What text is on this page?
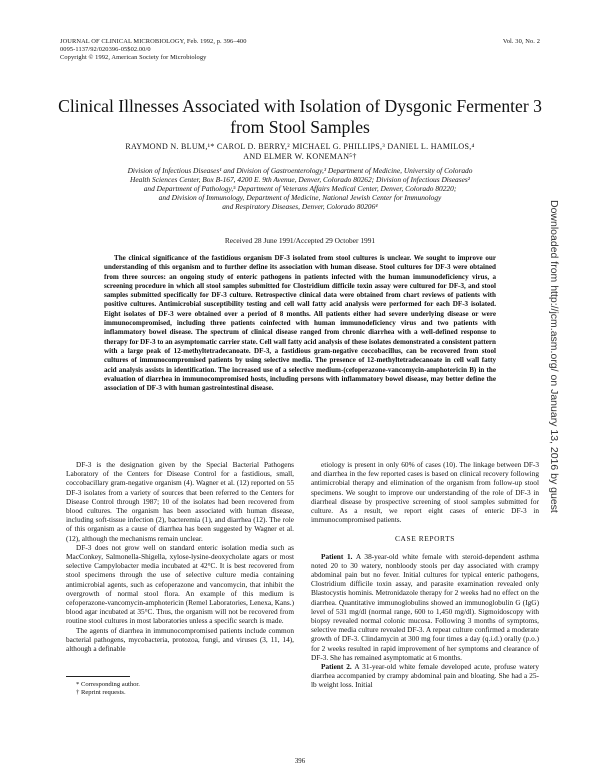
JOURNAL OF CLINICAL MICROBIOLOGY, Feb. 1992, p. 396–400	Vol. 30, No. 2
0095-1137/92/020396-05$02.00/0
Copyright © 1992, American Society for Microbiology
Clinical Illnesses Associated with Isolation of Dysgonic Fermenter 3 from Stool Samples
RAYMOND N. BLUM,¹* CAROL D. BERRY,² MICHAEL G. PHILLIPS,³ DANIEL L. HAMILOS,⁴
AND ELMER W. KONEMAN⁵†
Division of Infectious Diseases¹ and Division of Gastroenterology,³ Department of Medicine, University of Colorado
Health Sciences Center, Box B-167, 4200 E. 9th Avenue, Denver, Colorado 80262; Division of Infectious Diseases²
and Department of Pathology,⁵ Department of Veterans Affairs Medical Center, Denver, Colorado 80220;
and Division of Immunology, Department of Medicine, National Jewish Center for Immunology
and Respiratory Diseases, Denver, Colorado 80206⁴
Received 28 June 1991/Accepted 29 October 1991

The clinical significance of the fastidious organism DF-3 isolated from stool cultures is unclear. We sought to improve our understanding of this organism and to further define its association with human disease. Stool cultures for DF-3 were obtained from three sources: an ongoing study of enteric pathogens in patients infected with the human immunodeficiency virus, a screening procedure in which all stool samples submitted for Clostridium difficile toxin assay were cultured for DF-3, and stool samples submitted specifically for DF-3 culture. Retrospective clinical data were obtained from chart reviews of patients with positive cultures. Antimicrobial susceptibility testing and cell wall fatty acid analysis were performed for each DF-3 isolated. Eight isolates of DF-3 were obtained over a period of 8 months. All patients either had severe underlying disease or were immunocompromised, including three patients coinfected with human immunodeficiency virus and two patients with inflammatory bowel disease. The spectrum of clinical disease ranged from chronic diarrhea with a well-defined response to therapy for DF-3 to an asymptomatic carrier state. Cell wall fatty acid analysis of these isolates demonstrated a consistent pattern with a large peak of 12-methyltetradecanoate. DF-3, a fastidious gram-negative coccobacillus, can be recovered from stool cultures of immunocompromised patients by using selective media. The presence of 12-methyltetradecanoate in cell wall fatty acid analysis assists in identification. The increased use of a selective medium-(cefoperazone-vancomycin-amphotericin B) in the evaluation of diarrhea in immunocompromised hosts, including persons with inflammatory bowel disease, may better define the association of DF-3 with human gastrointestinal disease.

DF-3 is the designation given by the Special Bacterial Pathogens Laboratory of the Centers for Disease Control for a fastidious, small, coccobacillary gram-negative organism (4). Wagner et al. (12) reported on 55 DF-3 isolates from a variety of sources that been referred to the Centers for Disease Control through 1987; 10 of the isolates had been recovered from blood cultures. The organism has been associated with human disease, including soft-tissue infection (2), bacteremia (1), and diarrhea (12). The role of this organism as a cause of diarrhea has been suggested by Wagner et al. (12), although the mechanisms remain unclear.

DF-3 does not grow well on standard enteric isolation media such as MacConkey, Salmonella-Shigella, xylose-lysine-deoxycholate agars or most selective Campylobacter media incubated at 42°C. It is best recovered from stool specimens through the use of selective culture media containing antimicrobial agents, such as cefoperazone and vancomycin, that inhibit the overgrowth of normal stool flora. An example of this medium is cefoperazone-vancomycin-amphotericin (Remel Laboratories, Lenexa, Kans.) blood agar incubated at 35°C. Thus, the organism will not be recovered from routine stool cultures in most laboratories unless a specific search is made.

The agents of diarrhea in immunocompromised patients include common bacterial pathogens, mycobacteria, protozoa, fungi, and viruses (3, 11, 14), although a definable

etiology is present in only 60% of cases (10). The linkage between DF-3 and diarrhea in the few reported cases is based on clinical recovery following antimicrobial therapy and elimination of the organism from follow-up stool specimens. We sought to improve our understanding of the role of DF-3 in diarrheal disease by prospective screening of stool samples submitted for culture. As a result, we report eight cases of enteric DF-3 in immunocompromised patients.

CASE REPORTS

Patient 1. A 38-year-old white female with steroid-dependent asthma noted 20 to 30 watery, nonbloody stools per day associated with crampy abdominal pain but no fever. Initial cultures for typical enteric pathogens, Clostridium difficile toxin assay, and parasite examination revealed only Blastocystis hominis. Metronidazole therapy for 2 weeks had no effect on the diarrhea. Quantitative immunoglobulins showed an immunoglobulin G (IgG) level of 531 mg/dl (normal range, 600 to 1,450 mg/dl). Sigmoidoscopy with biopsy revealed normal colonic mucosa. Following 3 months of symptoms, selective media culture revealed DF-3. A repeat culture confirmed a moderate growth of DF-3. Clindamycin at 300 mg four times a day (q.i.d.) orally (p.o.) for 2 weeks resulted in rapid improvement of her symptoms and clearance of DF-3. She has remained asymptomatic at 6 months.

Patient 2. A 31-year-old white female developed acute, profuse watery diarrhea accompanied by crampy abdominal pain and bloating. She had a 25-lb weight loss. Initial

* Corresponding author.
† Reprint requests.
396
Downloaded from http://jcm.asm.org/ on January 13, 2016 by guest
